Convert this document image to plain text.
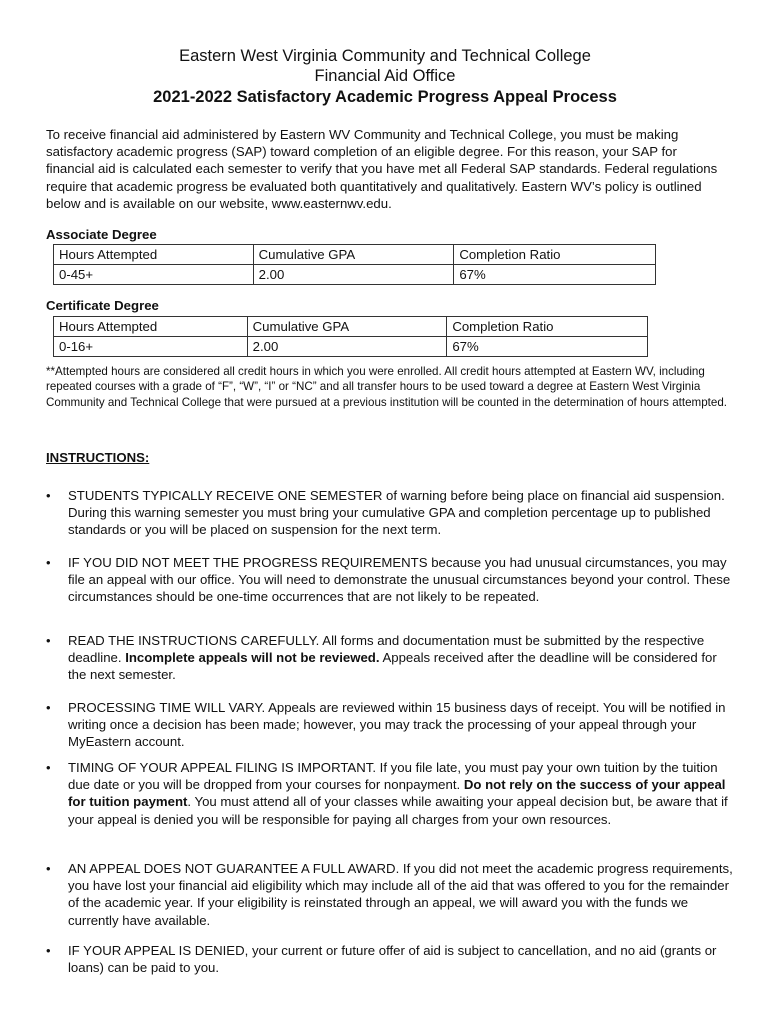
Eastern West Virginia Community and Technical College
Financial Aid Office
2021-2022 Satisfactory Academic Progress Appeal Process
To receive financial aid administered by Eastern WV Community and Technical College, you must be making satisfactory academic progress (SAP) toward completion of an eligible degree. For this reason, your SAP for financial aid is calculated each semester to verify that you have met all Federal SAP standards. Federal regulations require that academic progress be evaluated both quantitatively and qualitatively. Eastern WV’s policy is outlined below and is available on our website, www.easternwv.edu.
Associate Degree
Hours Attempted	Cumulative GPA	Completion Ratio
0-45+	2.00	67%
Certificate Degree
Hours Attempted	Cumulative GPA	Completion Ratio
0-16+	2.00	67%
**Attempted hours are considered all credit hours in which you were enrolled. All credit hours attempted at Eastern WV, including repeated courses with a grade of “F”, “W”, “I” or “NC” and all transfer hours to be used toward a degree at Eastern West Virginia Community and Technical College that were pursued at a previous institution will be counted in the determination of hours attempted.
INSTRUCTIONS:
•	STUDENTS TYPICALLY RECEIVE ONE SEMESTER of warning before being place on financial aid suspension. During this warning semester you must bring your cumulative GPA and completion percentage up to published standards or you will be placed on suspension for the next term.
•	IF YOU DID NOT MEET THE PROGRESS REQUIREMENTS because you had unusual circumstances, you may file an appeal with our office. You will need to demonstrate the unusual circumstances beyond your control. These circumstances should be one-time occurrences that are not likely to be repeated.
•	READ THE INSTRUCTIONS CAREFULLY. All forms and documentation must be submitted by the respective deadline. Incomplete appeals will not be reviewed. Appeals received after the deadline will be considered for the next semester.
•	PROCESSING TIME WILL VARY. Appeals are reviewed within 15 business days of receipt. You will be notified in writing once a decision has been made; however, you may track the processing of your appeal through your MyEastern account.
•	TIMING OF YOUR APPEAL FILING IS IMPORTANT. If you file late, you must pay your own tuition by the tuition due date or you will be dropped from your courses for nonpayment. Do not rely on the success of your appeal for tuition payment. You must attend all of your classes while awaiting your appeal decision but, be aware that if your appeal is denied you will be responsible for paying all charges from your own resources.
•	AN APPEAL DOES NOT GUARANTEE A FULL AWARD. If you did not meet the academic progress requirements, you have lost your financial aid eligibility which may include all of the aid that was offered to you for the remainder of the academic year. If your eligibility is reinstated through an appeal, we will award you with the funds we currently have available.
•	IF YOUR APPEAL IS DENIED, your current or future offer of aid is subject to cancellation, and no aid (grants or loans) can be paid to you.
